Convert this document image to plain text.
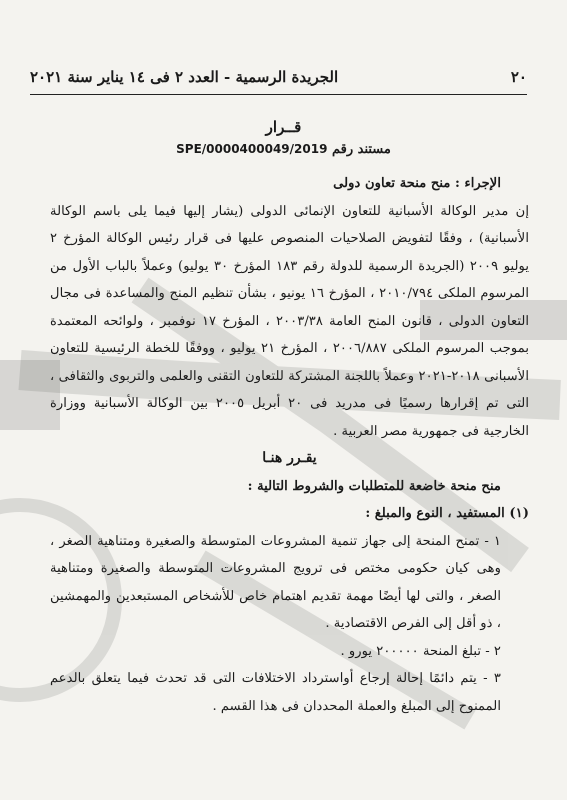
٢٠
الجريدة الرسمية - العدد ٢ فى ١٤ يناير سنة ٢٠٢١
قــرار
مستند رقم 2019/SPE/0000400049

الإجراء : منح منحة تعاون دولى

إن مدير الوكالة الأسبانية للتعاون الإنمائى الدولى (يشار إليها فيما يلى باسم الوكالة الأسبانية) ، وفقًا لتفويض الصلاحيات المنصوص عليها فى قرار رئيس الوكالة المؤرخ ٢ يوليو ٢٠٠٩ (الجريدة الرسمية للدولة رقم ١٨٣ المؤرخ ٣٠ يوليو) وعملاً بالباب الأول من المرسوم الملكى ٢٠١٠/٧٩٤ ، المؤرخ ١٦ يونيو ، بشأن تنظيم المنح والمساعدة فى مجال التعاون الدولى ، قانون المنح العامة ٢٠٠٣/٣٨ ، المؤرخ ١٧ نوفمبر ، ولوائحه المعتمدة بموجب المرسوم الملكى ٢٠٠٦/٨٨٧ ، المؤرخ ٢١ يوليو ، ووفقًا للخطة الرئيسية للتعاون الأسبانى ٢٠١٨-٢٠٢١ وعملاً باللجنة المشتركة للتعاون التقنى والعلمى والتربوى والثقافى ، التى تم إقرارها رسميًا فى مدريد فى ٢٠ أبريل ٢٠٠٥ بين الوكالة الأسبانية ووزارة الخارجية فى جمهورية مصر العربية .

يقـرر هنـا

منح منحة خاضعة للمتطلبات والشروط التالية :

(١) المستفيد ، النوع والمبلغ :

١ - تمنح المنحة إلى جهاز تنمية المشروعات المتوسطة والصغيرة ومتناهية الصغر ، وهى كيان حكومى مختص فى ترويج المشروعات المتوسطة والصغيرة ومتناهية الصغر ، والتى لها أيضًا مهمة تقديم اهتمام خاص للأشخاص المستبعدين والمهمشين ، ذو أقل إلى الفرص الاقتصادية .

٢ - تبلغ المنحة ٢٠٠٠٠٠ يورو .

٣ - يتم دائمًا إحالة إرجاع أواسترداد الاختلافات التى قد تحدث فيما يتعلق بالدعم الممنوح إلى المبلغ والعملة المحددان فى هذا القسم .
